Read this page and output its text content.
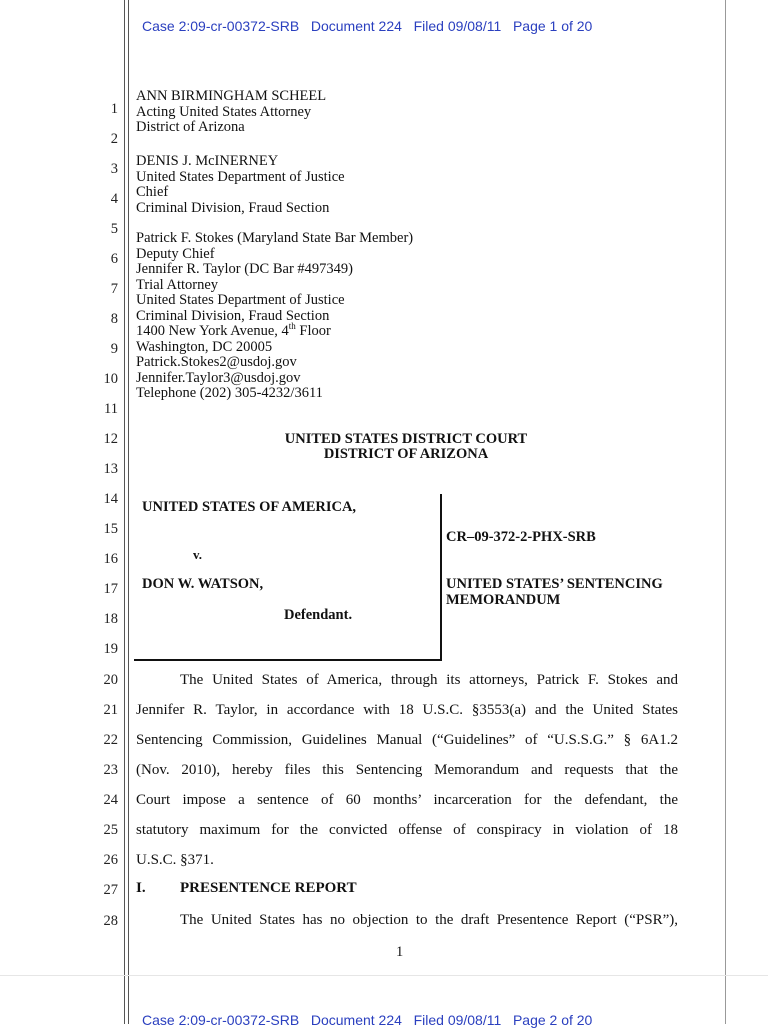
Case 2:09-cr-00372-SRB   Document 224   Filed 09/08/11   Page 1 of 20
1
2
3
4
5
6
7
8
9
10
11
12
13
14
15
16
17
18
19
20
21
22
23
24
25
26
27
28
ANN BIRMINGHAM SCHEEL
Acting United States Attorney
District of Arizona
DENIS J. McINERNEY
United States Department of Justice
Chief
Criminal Division, Fraud Section
Patrick F. Stokes (Maryland State Bar Member)
Deputy Chief
Jennifer R. Taylor (DC Bar #497349)
Trial Attorney
United States Department of Justice
Criminal Division, Fraud Section
1400 New York Avenue, 4th Floor
Washington, DC 20005
Patrick.Stokes2@usdoj.gov
Jennifer.Taylor3@usdoj.gov
Telephone (202) 305-4232/3611
UNITED STATES DISTRICT COURT
DISTRICT OF ARIZONA
UNITED STATES OF AMERICA,
v.
DON W. WATSON,
Defendant.
CR–09-372-2-PHX-SRB
UNITED STATES’ SENTENCING
MEMORANDUM
The United States of America, through its attorneys, Patrick F. Stokes and
Jennifer R. Taylor, in accordance with 18 U.S.C. §3553(a) and the United States
Sentencing Commission, Guidelines Manual (“Guidelines” of “U.S.S.G.” § 6A1.2
(Nov. 2010), hereby files this Sentencing Memorandum and requests that the
Court impose a sentence of 60 months’ incarceration for the defendant, the
statutory maximum for the convicted offense of conspiracy in violation of 18
U.S.C. §371.
I. PRESENTENCE REPORT
The United States has no objection to the draft Presentence Report (“PSR”),
1
Case 2:09-cr-00372-SRB   Document 224   Filed 09/08/11   Page 2 of 20
